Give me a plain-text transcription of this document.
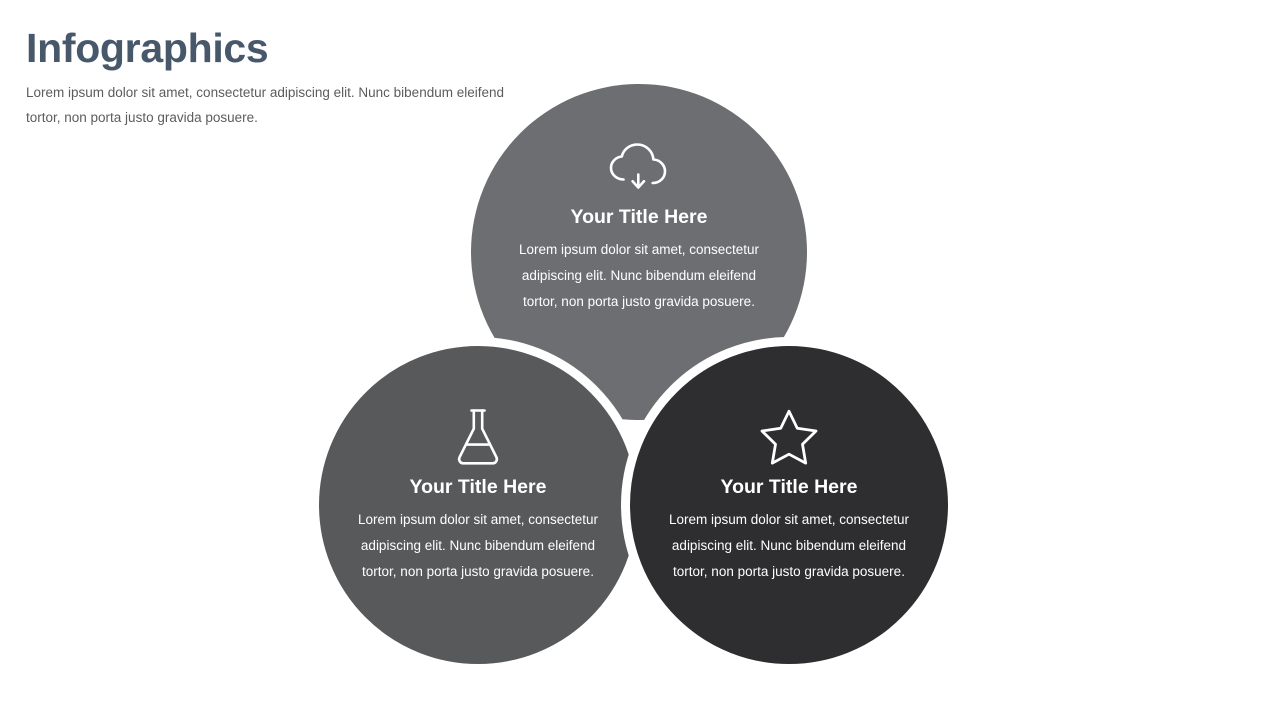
Infographics

Lorem ipsum dolor sit amet, consectetur adipiscing elit. Nunc bibendum eleifend tortor, non porta justo gravida posuere.

Your Title Here
Lorem ipsum dolor sit amet, consectetur adipiscing elit. Nunc bibendum eleifend tortor, non porta justo gravida posuere.
Your Title Here
Lorem ipsum dolor sit amet, consectetur adipiscing elit. Nunc bibendum eleifend tortor, non porta justo gravida posuere.
Your Title Here
Lorem ipsum dolor sit amet, consectetur adipiscing elit. Nunc bibendum eleifend tortor, non porta justo gravida posuere.
